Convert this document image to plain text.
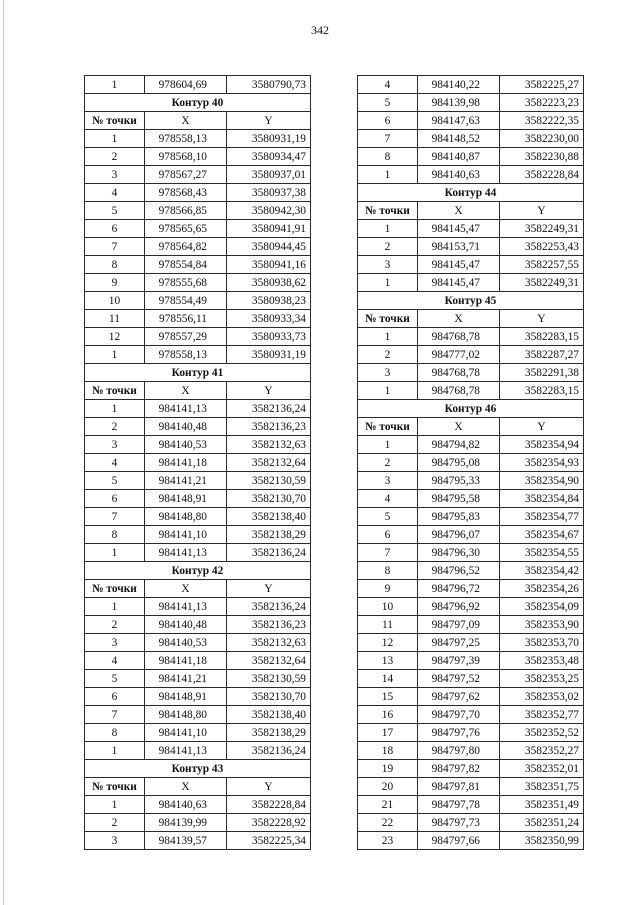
342
1	978604,69	3580790,73
Контур 40		
№ точки	X	Y
1	978558,13	3580931,19
2	978568,10	3580934,47
3	978567,27	3580937,01
4	978568,43	3580937,38
5	978566,85	3580942,30
6	978565,65	3580941,91
7	978564,82	3580944,45
8	978554,84	3580941,16
9	978555,68	3580938,62
10	978554,49	3580938,23
11	978556,11	3580933,34
12	978557,29	3580933,73
1	978558,13	3580931,19
Контур 41		
№ точки	X	Y
1	984141,13	3582136,24
2	984140,48	3582136,23
3	984140,53	3582132,63
4	984141,18	3582132,64
5	984141,21	3582130,59
6	984148,91	3582130,70
7	984148,80	3582138,40
8	984141,10	3582138,29
1	984141,13	3582136,24
Контур 42		
№ точки	X	Y
1	984141,13	3582136,24
2	984140,48	3582136,23
3	984140,53	3582132,63
4	984141,18	3582132,64
5	984141,21	3582130,59
6	984148,91	3582130,70
7	984148,80	3582138,40
8	984141,10	3582138,29
1	984141,13	3582136,24
Контур 43		
№ точки	X	Y
1	984140,63	3582228,84
2	984139,99	3582228,92
3	984139,57	3582225,34
4	984140,22	3582225,27
5	984139,98	3582223,23
6	984147,63	3582222,35
7	984148,52	3582230,00
8	984140,87	3582230,88
1	984140,63	3582228,84
Контур 44		
№ точки	X	Y
1	984145,47	3582249,31
2	984153,71	3582253,43
3	984145,47	3582257,55
1	984145,47	3582249,31
Контур 45		
№ точки	X	Y
1	984768,78	3582283,15
2	984777,02	3582287,27
3	984768,78	3582291,38
1	984768,78	3582283,15
Контур 46		
№ точки	X	Y
1	984794,82	3582354,94
2	984795,08	3582354,93
3	984795,33	3582354,90
4	984795,58	3582354,84
5	984795,83	3582354,77
6	984796,07	3582354,67
7	984796,30	3582354,55
8	984796,52	3582354,42
9	984796,72	3582354,26
10	984796,92	3582354,09
11	984797,09	3582353,90
12	984797,25	3582353,70
13	984797,39	3582353,48
14	984797,52	3582353,25
15	984797,62	3582353,02
16	984797,70	3582352,77
17	984797,76	3582352,52
18	984797,80	3582352,27
19	984797,82	3582352,01
20	984797,81	3582351,75
21	984797,78	3582351,49
22	984797,73	3582351,24
23	984797,66	3582350,99
